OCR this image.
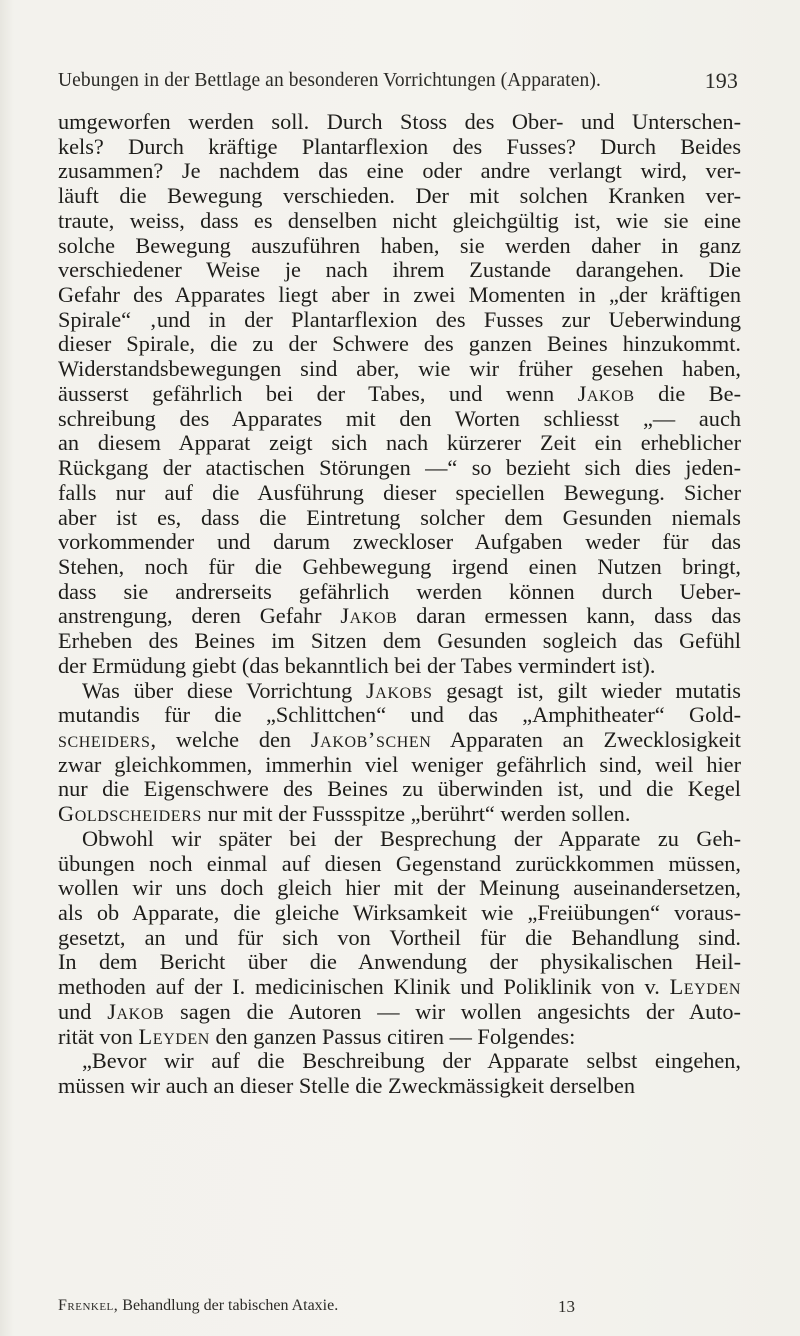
Uebungen in der Bettlage an besonderen Vorrichtungen (Apparaten).	193

umgeworfen werden soll. Durch Stoss des Ober- und Unterschen-
kels? Durch kräftige Plantarflexion des Fusses? Durch Beides
zusammen? Je nachdem das eine oder andre verlangt wird, ver-
läuft die Bewegung verschieden. Der mit solchen Kranken ver-
traute, weiss, dass es denselben nicht gleichgültig ist, wie sie eine
solche Bewegung auszuführen haben, sie werden daher in ganz
verschiedener Weise je nach ihrem Zustande darangehen. Die
Gefahr des Apparates liegt aber in zwei Momenten in „der kräftigen
Spirale“ ‚und in der Plantarflexion des Fusses zur Ueberwindung
dieser Spirale, die zu der Schwere des ganzen Beines hinzukommt.
Widerstandsbewegungen sind aber, wie wir früher gesehen haben,
äusserst gefährlich bei der Tabes, und wenn Jakob die Be-
schreibung des Apparates mit den Worten schliesst „— auch
an diesem Apparat zeigt sich nach kürzerer Zeit ein erheblicher
Rückgang der atactischen Störungen —“ so bezieht sich dies jeden-
falls nur auf die Ausführung dieser speciellen Bewegung. Sicher
aber ist es, dass die Eintretung solcher dem Gesunden niemals
vorkommender und darum zweckloser Aufgaben weder für das
Stehen, noch für die Gehbewegung irgend einen Nutzen bringt,
dass sie andrerseits gefährlich werden können durch Ueber-
anstrengung, deren Gefahr Jakob daran ermessen kann, dass das
Erheben des Beines im Sitzen dem Gesunden sogleich das Gefühl
der Ermüdung giebt (das bekanntlich bei der Tabes vermindert ist).

Was über diese Vorrichtung Jakobs gesagt ist, gilt wieder mutatis
mutandis für die „Schlittchen“ und das „Amphitheater“ Gold-
scheiders, welche den Jakob’schen Apparaten an Zwecklosigkeit
zwar gleichkommen, immerhin viel weniger gefährlich sind, weil hier
nur die Eigenschwere des Beines zu überwinden ist, und die Kegel
Goldscheiders nur mit der Fussspitze „berührt“ werden sollen.

Obwohl wir später bei der Besprechung der Apparate zu Geh-
übungen noch einmal auf diesen Gegenstand zurückkommen müssen,
wollen wir uns doch gleich hier mit der Meinung auseinandersetzen,
als ob Apparate, die gleiche Wirksamkeit wie „Freiübungen“ voraus-
gesetzt, an und für sich von Vortheil für die Behandlung sind.
In dem Bericht über die Anwendung der physikalischen Heil-
methoden auf der I. medicinischen Klinik und Poliklinik von v. Leyden
und Jakob sagen die Autoren — wir wollen angesichts der Auto-
rität von Leyden den ganzen Passus citiren — Folgendes:

„Bevor wir auf die Beschreibung der Apparate selbst eingehen,
müssen wir auch an dieser Stelle die Zweckmässigkeit derselben

Frenkel, Behandlung der tabischen Ataxie.	13
